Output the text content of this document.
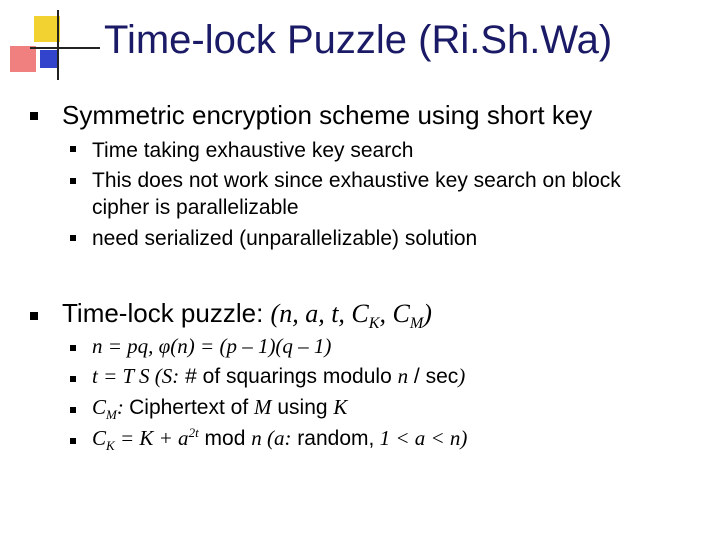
Time-lock Puzzle (Ri.Sh.Wa)
Symmetric encryption scheme using short key
Time taking exhaustive key search
This does not work since exhaustive key search on block
cipher is parallelizable
need serialized (unparallelizable) solution
Time-lock puzzle: (n, a, t, $C_K$, $C_M$)
n = pq, φ(n) = (p – 1)(q – 1)
t = T S (S: # of squarings modulo n / sec)
$C_M$: Ciphertext of M using K
$C_K = K + a^{2t}$ mod n (a: random, 1 < a < n)
